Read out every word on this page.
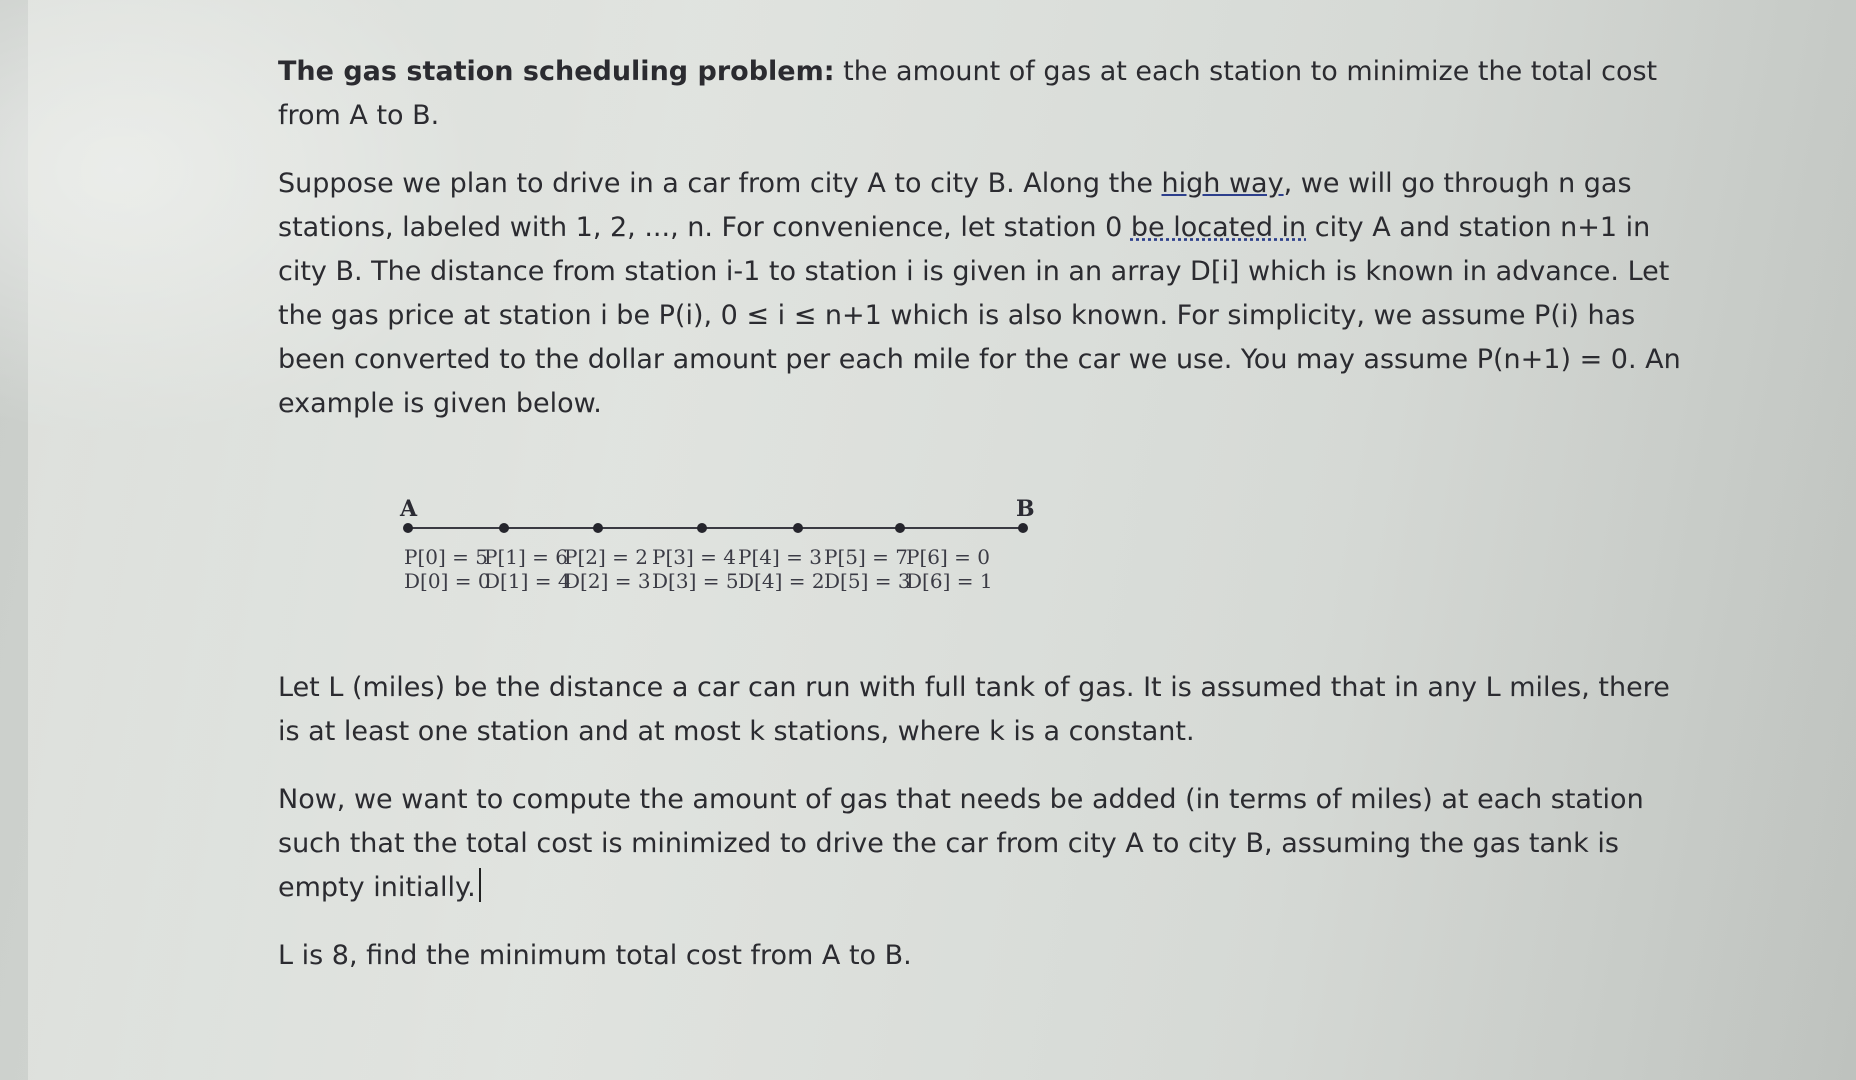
The gas station scheduling problem: the amount of gas at each station to minimize the total cost from A to B.

Suppose we plan to drive in a car from city A to city B. Along the high way, we will go through n gas stations, labeled with 1, 2, ..., n. For convenience, let station 0 be located in city A and station n+1 in city B. The distance from station i-1 to station i is given in an array D[i] which is known in advance. Let the gas price at station i be P(i), 0 ≤ i ≤ n+1 which is also known. For simplicity, we assume P(i) has been converted to the dollar amount per each mile for the car we use. You may assume P(n+1) = 0. An example is given below.

A	B
P[0] = 5
D[0] = 0
P[1] = 6
D[1] = 4
P[2] = 2
D[2] = 3
P[3] = 4
D[3] = 5
P[4] = 3
D[4] = 2
P[5] = 7
D[5] = 3
P[6] = 0
D[6] = 1

Let L (miles) be the distance a car can run with full tank of gas. It is assumed that in any L miles, there is at least one station and at most k stations, where k is a constant.

Now, we want to compute the amount of gas that needs be added (in terms of miles) at each station such that the total cost is minimized to drive the car from city A to city B, assuming the gas tank is empty initially.

L is 8, find the minimum total cost from A to B.
